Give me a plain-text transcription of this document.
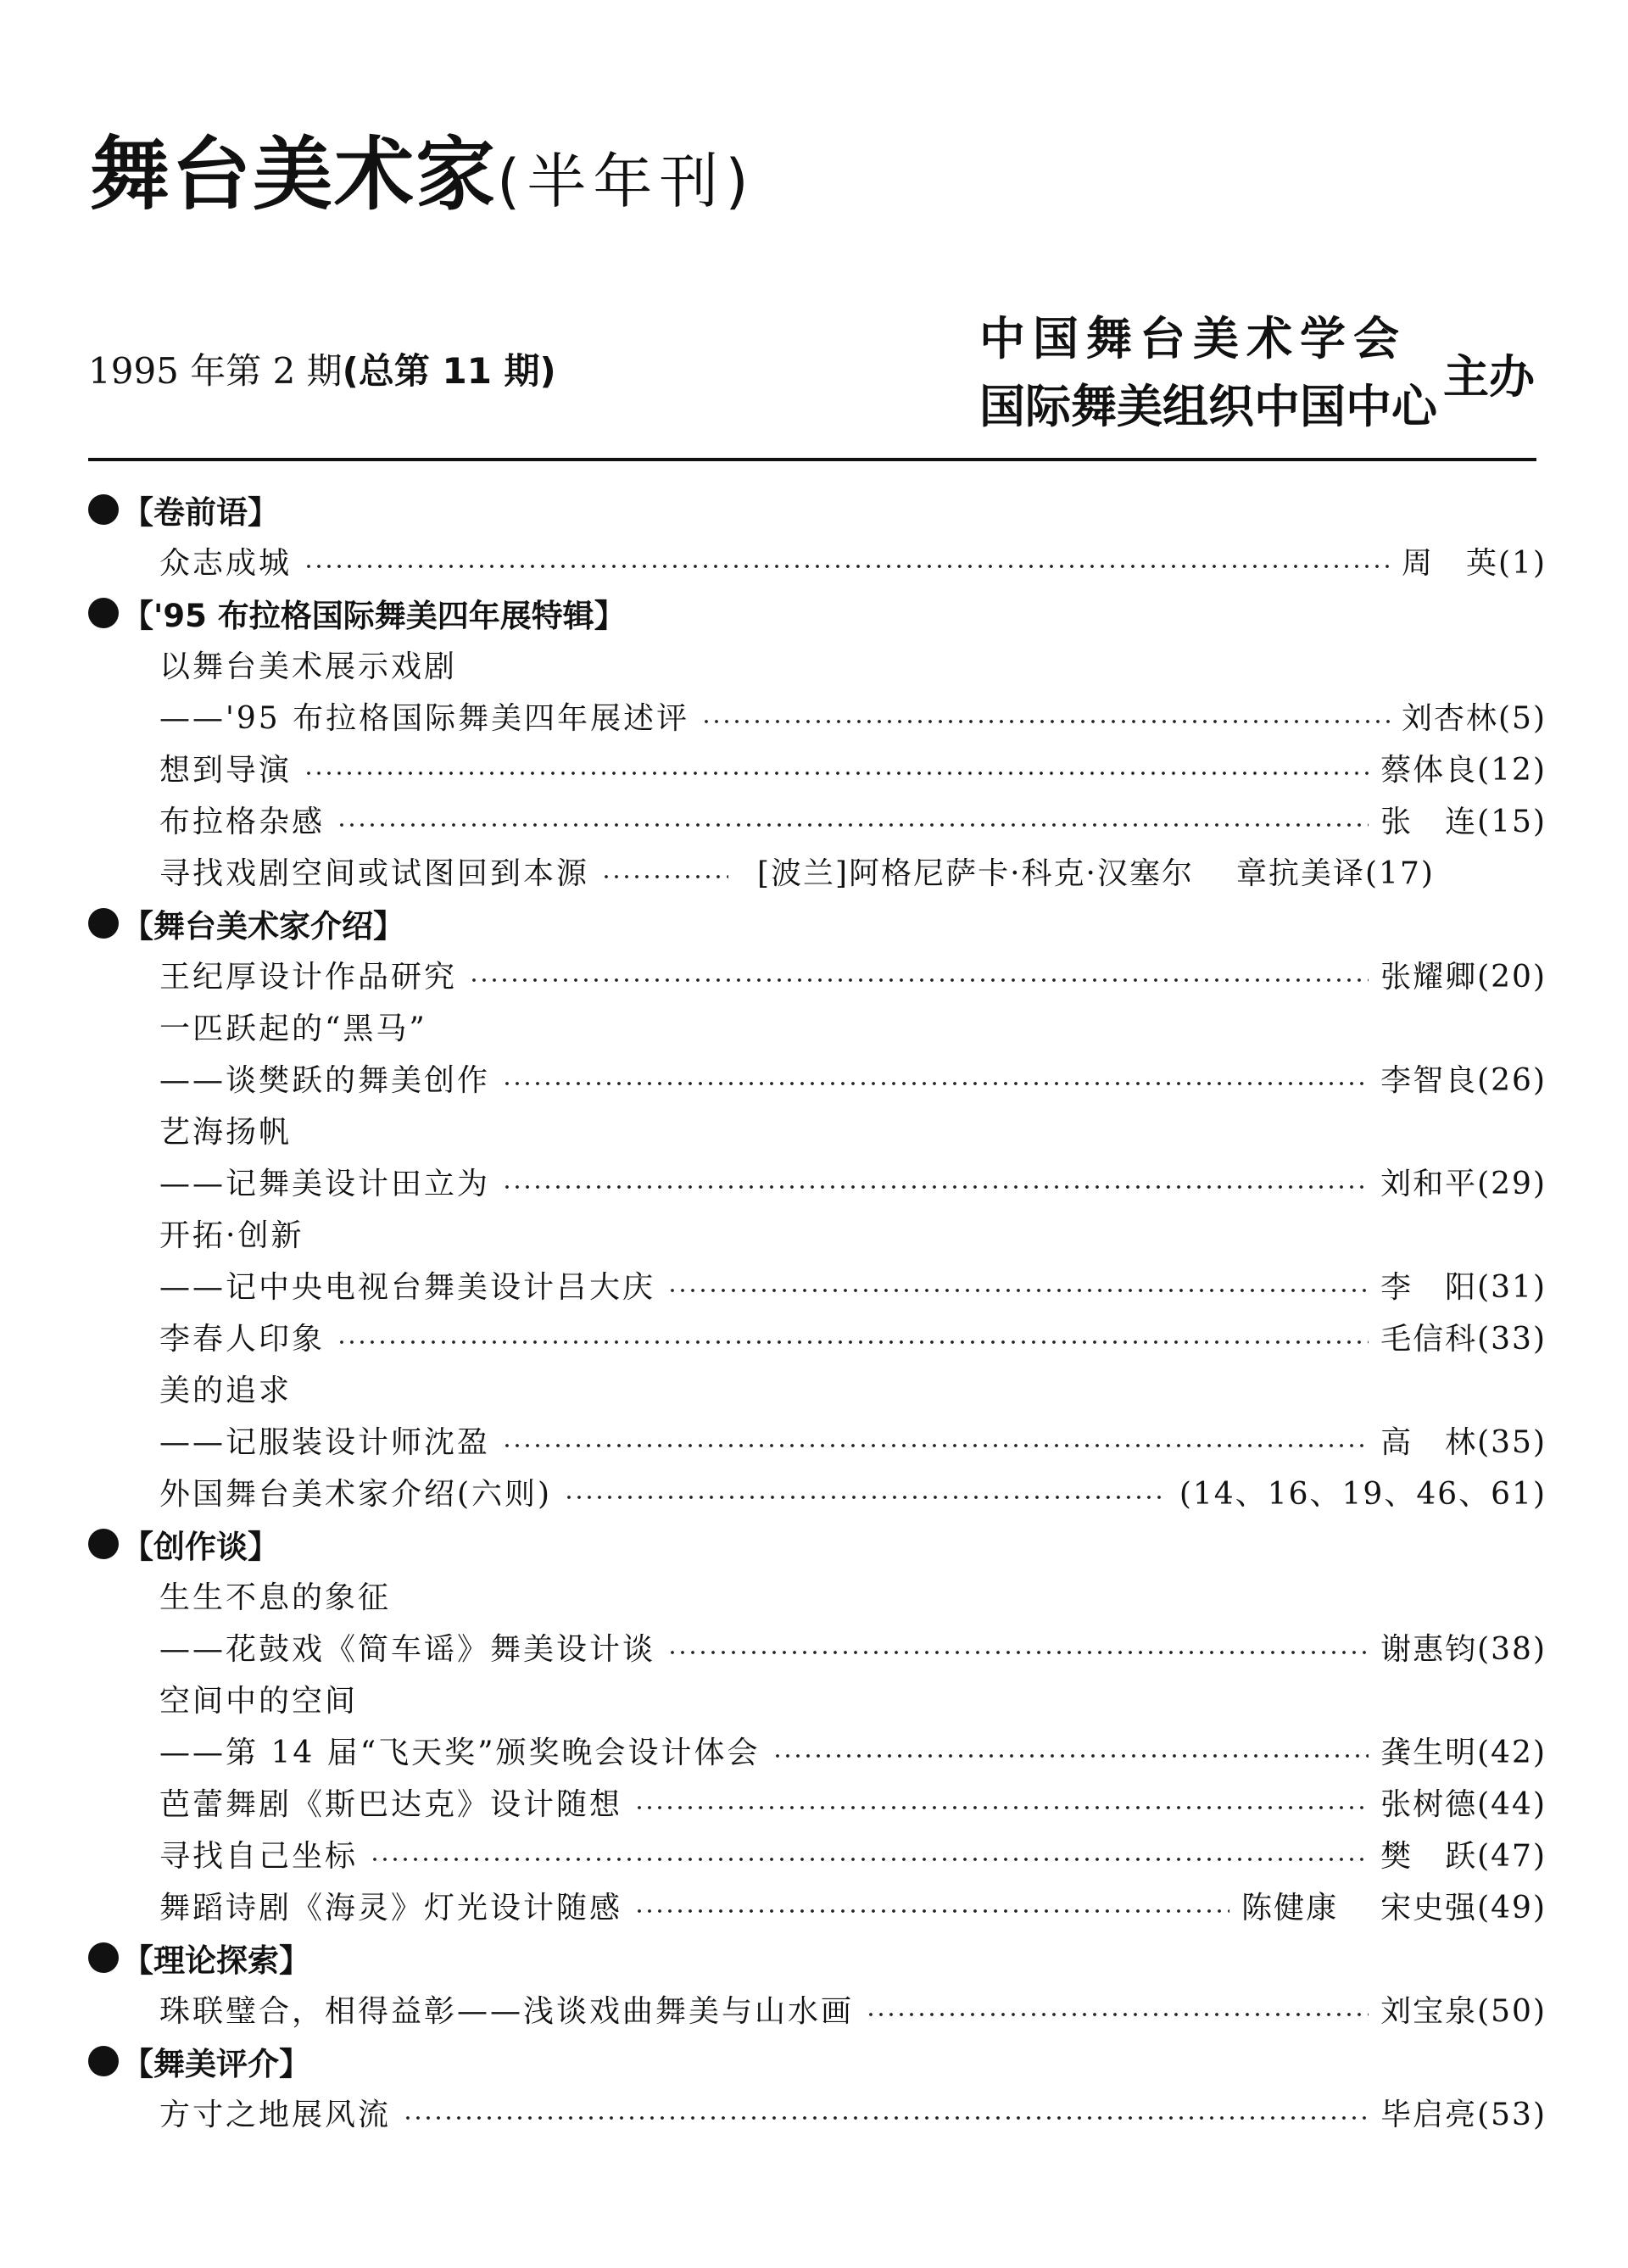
舞台美术家(半年刊)
1995 年第 2 期(总第 11 期)
中国舞台美术学会
国际舞美组织中国中心
主办
【卷前语】
众志成城	周　英(1)
【'95 布拉格国际舞美四年展特辑】
以舞台美术展示戏剧
——'95 布拉格国际舞美四年展述评	刘杏林(5)
想到导演	蔡体良(12)
布拉格杂感	张　连(15)
寻找戏剧空间或试图回到本源	[波兰]阿格尼萨卡·科克·汉塞尔 章抗美译(17)
【舞台美术家介绍】
王纪厚设计作品研究	张耀卿(20)
一匹跃起的“黑马”
——谈樊跃的舞美创作	李智良(26)
艺海扬帆
——记舞美设计田立为	刘和平(29)
开拓·创新
——记中央电视台舞美设计吕大庆	李　阳(31)
李春人印象	毛信科(33)
美的追求
——记服装设计师沈盈	高　林(35)
外国舞台美术家介绍(六则)	(14、16、19、46、61)
【创作谈】
生生不息的象征
——花鼓戏《简车谣》舞美设计谈	谢惠钧(38)
空间中的空间
——第 14 届“飞天奖”颁奖晚会设计体会	龚生明(42)
芭蕾舞剧《斯巴达克》设计随想	张树德(44)
寻找自己坐标	樊　跃(47)
舞蹈诗剧《海灵》灯光设计随感	陈健康 宋史强(49)
【理论探索】
珠联璧合，相得益彰——浅谈戏曲舞美与山水画	刘宝泉(50)
【舞美评介】
方寸之地展风流	毕启亮(53)
